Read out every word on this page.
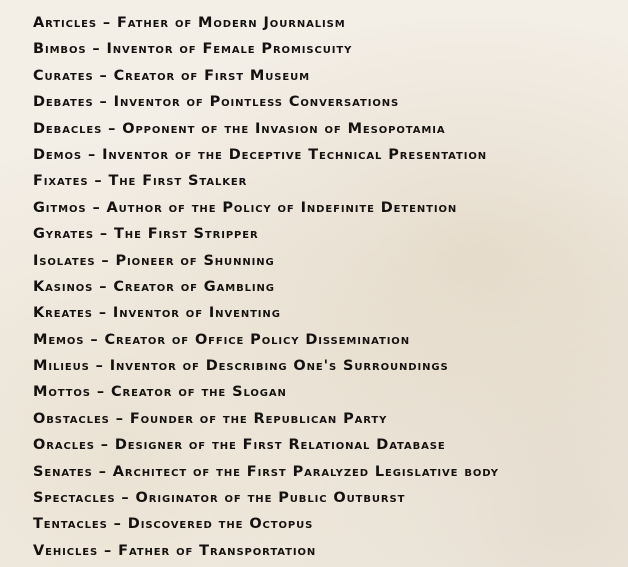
Articles – Father of Modern Journalism
Bimbos – Inventor of Female Promiscuity
Curates – Creator of First Museum
Debates – Inventor of Pointless Conversations
Debacles – Opponent of the Invasion of Mesopotamia
Demos – Inventor of the Deceptive Technical Presentation
Fixates – The First Stalker
Gitmos – Author of the Policy of Indefinite Detention
Gyrates – The First Stripper
Isolates – Pioneer of Shunning
Kasinos – Creator of Gambling
Kreates – Inventor of Inventing
Memos – Creator of Office Policy Dissemination
Milieus – Inventor of Describing One's Surroundings
Mottos – Creator of the Slogan
Obstacles – Founder of the Republican Party
Oracles – Designer of the First Relational Database
Senates – Architect of the First Paralyzed Legislative body
Spectacles – Originator of the Public Outburst
Tentacles – Discovered the Octopus
Vehicles – Father of Transportation
